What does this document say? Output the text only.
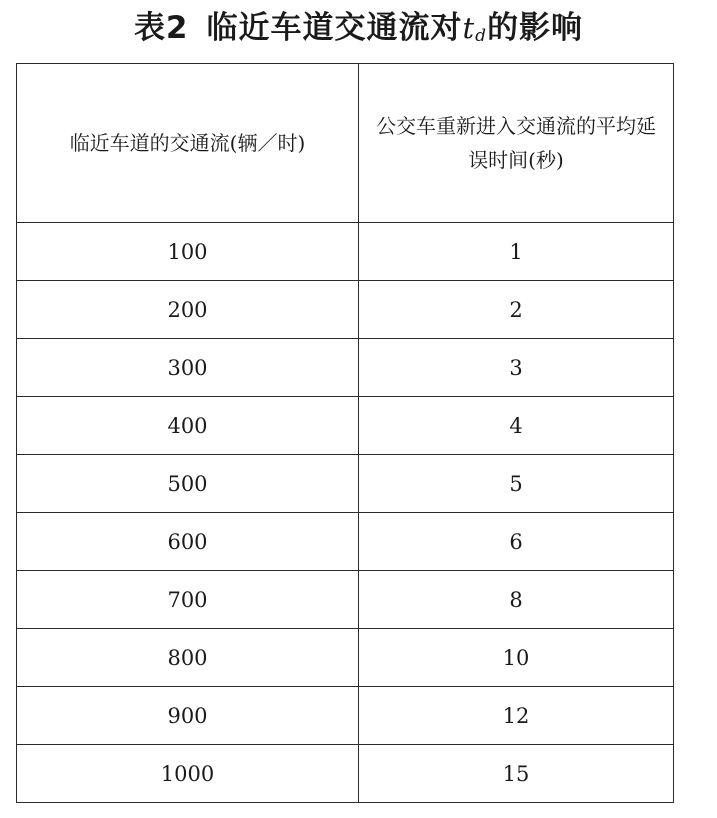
表2 临近车道交通流对$t_d$的影响
临近车道的交通流(辆／时)	公交车重新进入交通流的平均延误时间(秒)
100	1
200	2
300	3
400	4
500	5
600	6
700	8
800	10
900	12
1000	15
